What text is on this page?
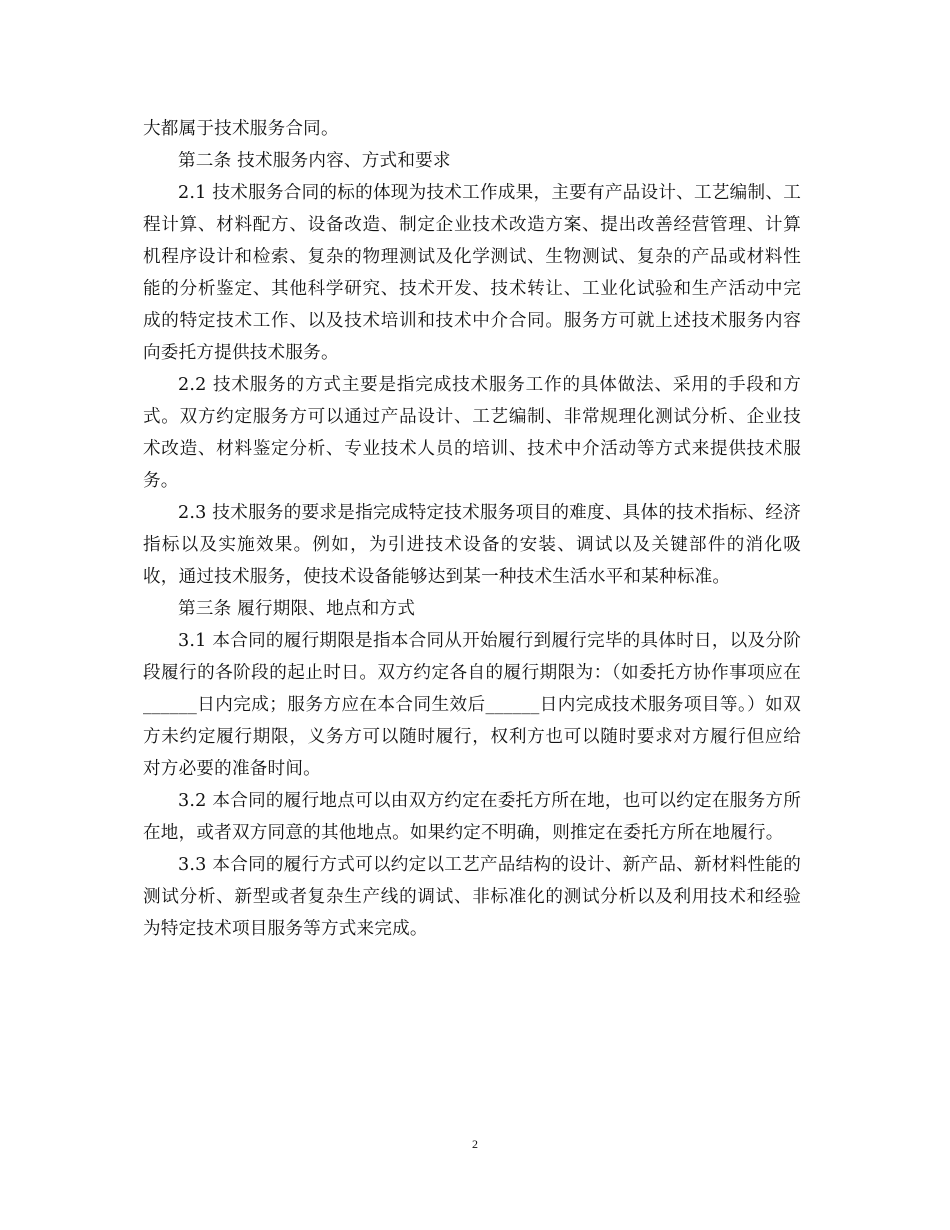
大都属于技术服务合同。

第二条 技术服务内容、方式和要求

2.1 技术服务合同的标的体现为技术工作成果，主要有产品设计、工艺编制、工程计算、材料配方、设备改造、制定企业技术改造方案、提出改善经营管理、计算机程序设计和检索、复杂的物理测试及化学测试、生物测试、复杂的产品或材料性能的分析鉴定、其他科学研究、技术开发、技术转让、工业化试验和生产活动中完成的特定技术工作、以及技术培训和技术中介合同。服务方可就上述技术服务内容向委托方提供技术服务。

2.2 技术服务的方式主要是指完成技术服务工作的具体做法、采用的手段和方式。双方约定服务方可以通过产品设计、工艺编制、非常规理化测试分析、企业技术改造、材料鉴定分析、专业技术人员的培训、技术中介活动等方式来提供技术服务。

2.3 技术服务的要求是指完成特定技术服务项目的难度、具体的技术指标、经济指标以及实施效果。例如，为引进技术设备的安装、调试以及关键部件的消化吸收，通过技术服务，使技术设备能够达到某一种技术生活水平和某种标准。

第三条 履行期限、地点和方式

3.1 本合同的履行期限是指本合同从开始履行到履行完毕的具体时日，以及分阶段履行的各阶段的起止时日。双方约定各自的履行期限为：（如委托方协作事项应在______日内完成；服务方应在本合同生效后______日内完成技术服务项目等。）如双方未约定履行期限，义务方可以随时履行，权利方也可以随时要求对方履行但应给对方必要的准备时间。

3.2 本合同的履行地点可以由双方约定在委托方所在地，也可以约定在服务方所在地，或者双方同意的其他地点。如果约定不明确，则推定在委托方所在地履行。

3.3 本合同的履行方式可以约定以工艺产品结构的设计、新产品、新材料性能的测试分析、新型或者复杂生产线的调试、非标准化的测试分析以及利用技术和经验为特定技术项目服务等方式来完成。

2
